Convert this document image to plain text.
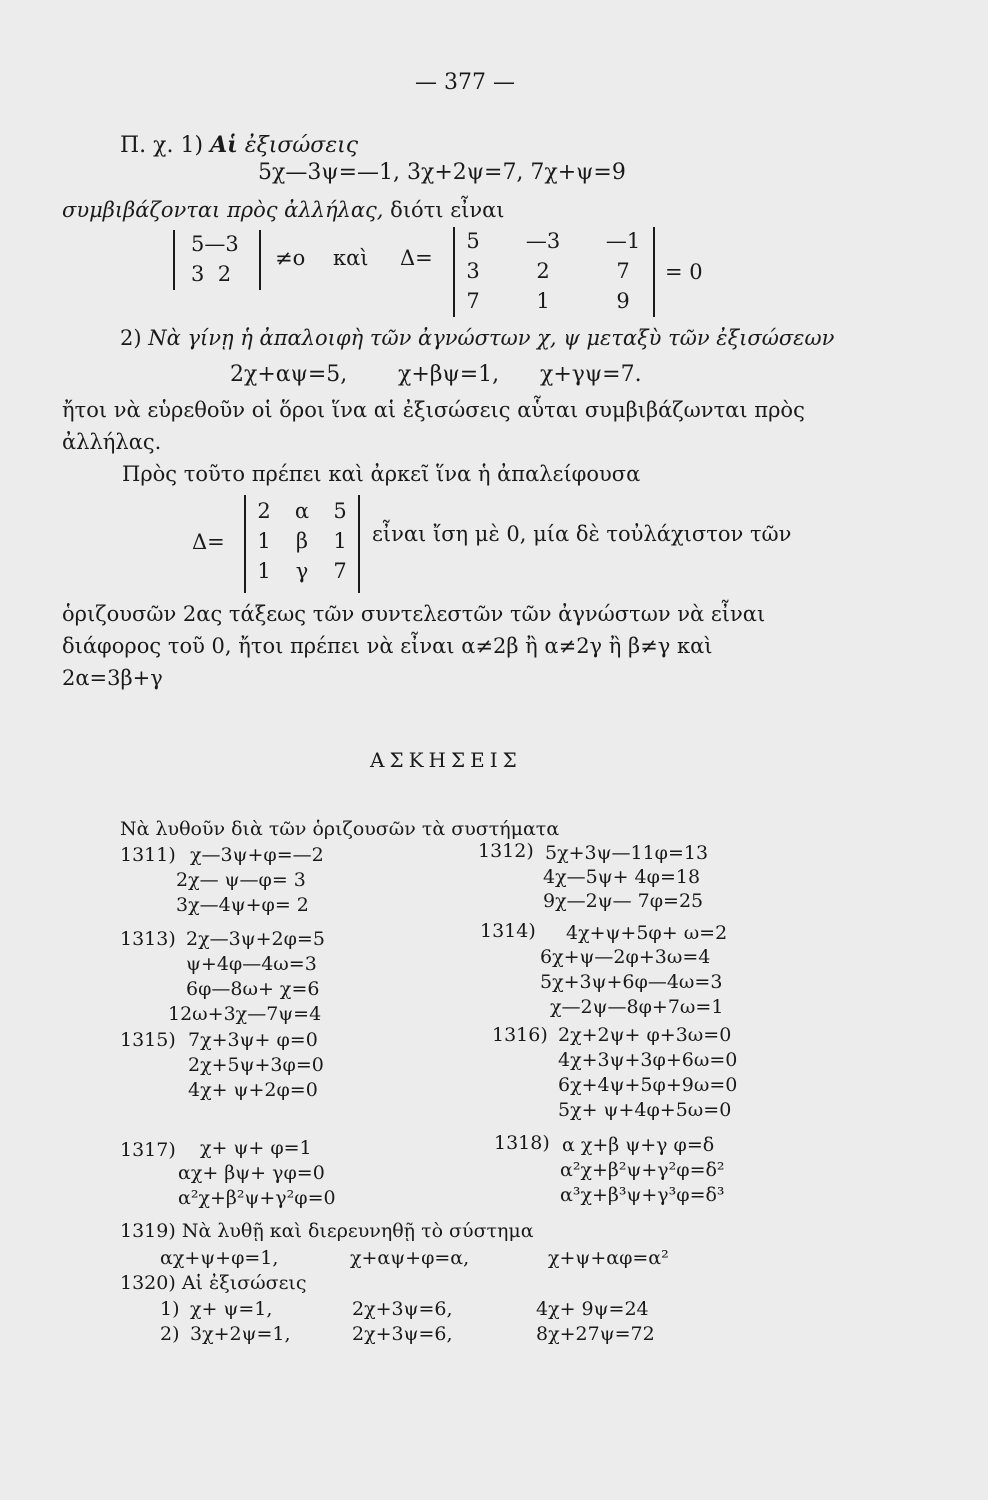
— 377 —
Π. χ. 1) Αἱ ἐξισώσεις
5χ—3ψ=—1, 3χ+2ψ=7, 7χ+ψ=9
συμβιβάζονται πρὸς ἀλλήλας, διότι εἶναι
5—3
3  2
≠ο καὶ Δ=
5	—3 —1
3	2	7
7	1	9
= 0
2) Νὰ γίνῃ ἡ ἀπαλοιφὴ τῶν ἀγνώστων χ, ψ μεταξὺ τῶν ἐξισώσεων
2χ+αψ=5, χ+βψ=1, χ+γψ=7.
ἤτοι νὰ εὑρεθοῦν οἱ ὅροι ἵνα αἱ ἐξισώσεις αὗται συμβιβάζωνται πρὸς
ἀλλήλας.
Πρὸς τοῦτο πρέπει καὶ ἀρκεῖ ἵνα ἡ ἀπαλείφουσα
Δ=
2	α	5
1	β	1
1	γ	7
εἶναι ἴση μὲ 0, μία δὲ τοὐλάχιστον τῶν
ὁριζουσῶν 2ας τάξεως τῶν συντελεστῶν τῶν ἀγνώστων νὰ εἶναι
διάφορος τοῦ 0, ἤτοι πρέπει νὰ εἶναι α≠2β ἢ α≠2γ ἢ β≠γ καὶ
2α=3β+γ
ΑΣΚΗΣΕΙΣ
Νὰ λυθοῦν διὰ τῶν ὁριζουσῶν τὰ συστήματα
1311) χ—3ψ+φ=—2
2χ— ψ—φ= 3
3χ—4ψ+φ= 2
1312) 5χ+3ψ—11φ=13
4χ—5ψ+ 4φ=18
9χ—2ψ— 7φ=25
1313) 2χ—3ψ+2φ=5
ψ+4φ—4ω=3
6φ—8ω+ χ=6
12ω+3χ—7ψ=4
1314) 4χ+ψ+5φ+ ω=2
6χ+ψ—2φ+3ω=4
5χ+3ψ+6φ—4ω=3
χ—2ψ—8φ+7ω=1
1315) 7χ+3ψ+ φ=0
2χ+5ψ+3φ=0
4χ+ ψ+2φ=0
1316) 2χ+2ψ+ φ+3ω=0
4χ+3ψ+3φ+6ω=0
6χ+4ψ+5φ+9ω=0
5χ+ ψ+4φ+5ω=0
1317) χ+ ψ+ φ=1
αχ+ βψ+ γφ=0
α²χ+β²ψ+γ²φ=0
1318) α χ+β ψ+γ φ=δ
α²χ+β²ψ+γ²φ=δ²
α³χ+β³ψ+γ³φ=δ³
1319) Νὰ λυθῇ καὶ διερευνηθῇ τὸ σύστημα
αχ+ψ+φ=1,	χ+αψ+φ=α,	χ+ψ+αφ=α²
1320) Αἱ ἐξισώσεις
1) χ+ ψ=1,	2χ+3ψ=6,	4χ+ 9ψ=24
2) 3χ+2ψ=1,	2χ+3ψ=6,	8χ+27ψ=72
